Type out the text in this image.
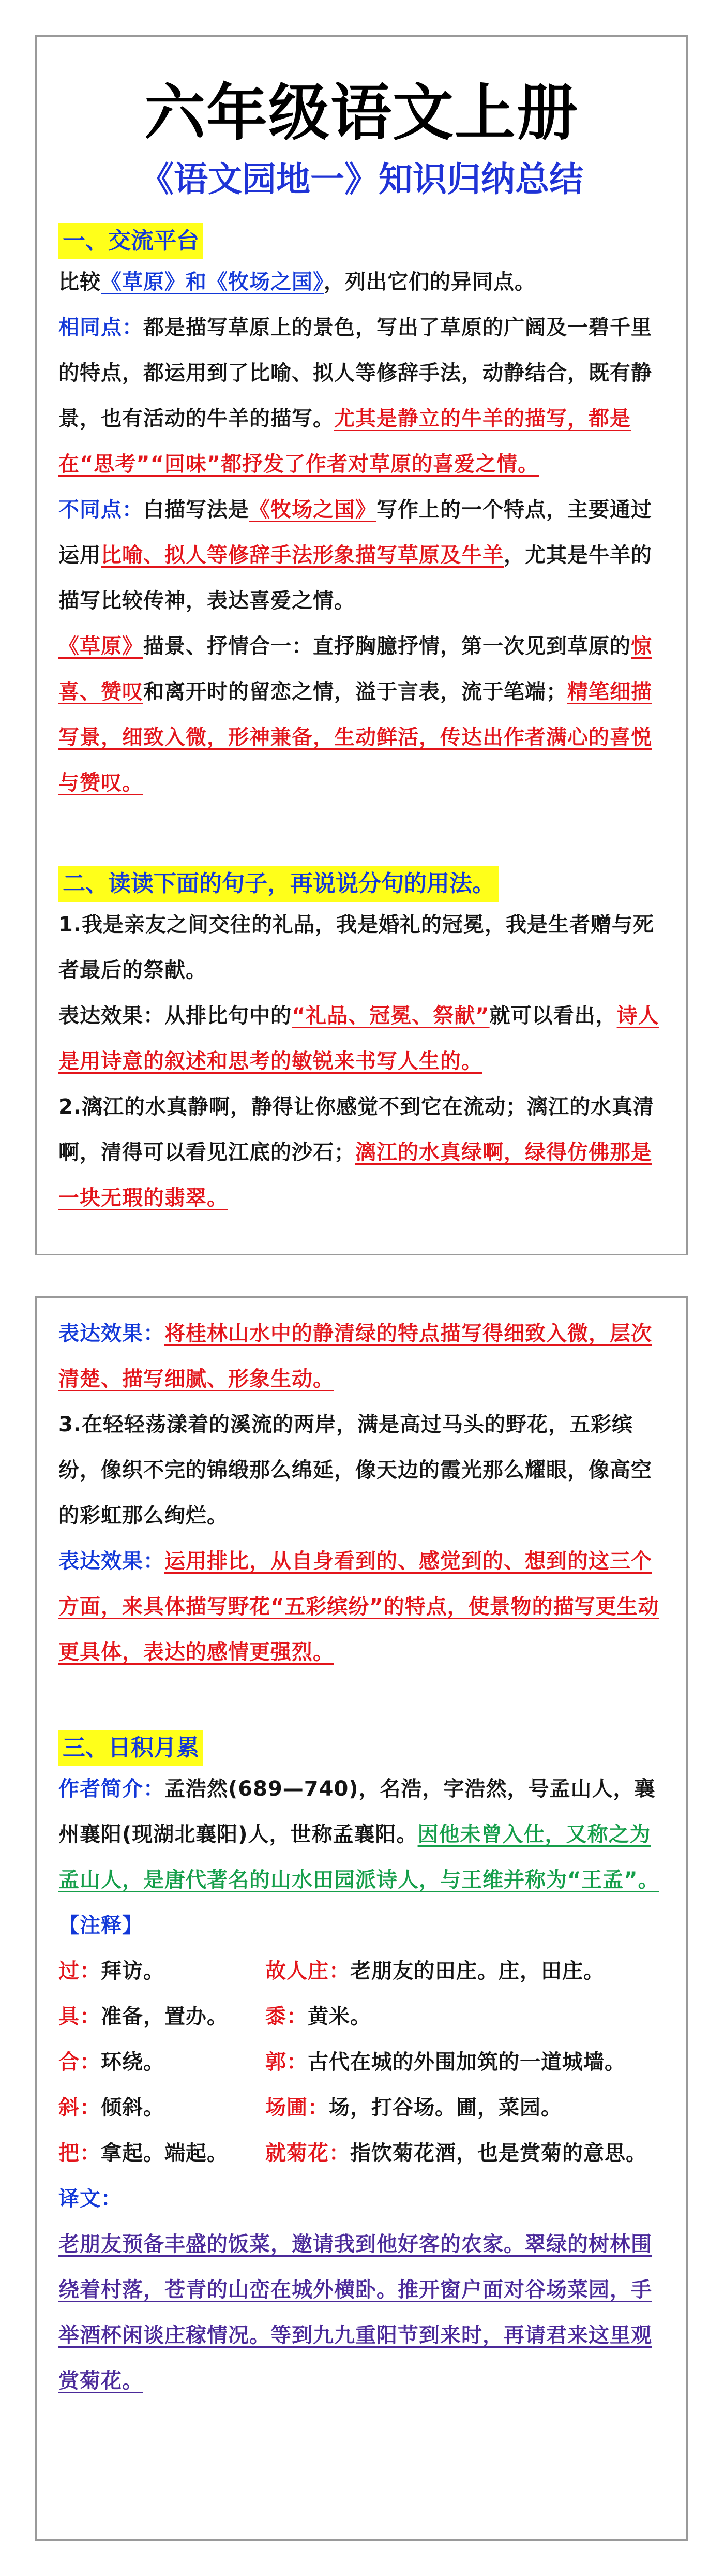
六年级语文上册
《语文园地一》知识归纳总结
一、交流平台
比较《草原》和《牧场之国》，列出它们的异同点。
相同点：都是描写草原上的景色，写出了草原的广阔及一碧千里的特点，都运用到了比喻、拟人等修辞手法，动静结合，既有静景，也有活动的牛羊的描写。尤其是静立的牛羊的描写，都是在“思考”“回味”都抒发了作者对草原的喜爱之情。
不同点：白描写法是《牧场之国》写作上的一个特点，主要通过运用比喻、拟人等修辞手法形象描写草原及牛羊，尤其是牛羊的描写比较传神，表达喜爱之情。
《草原》描景、抒情合一：直抒胸臆抒情，第一次见到草原的惊喜、赞叹和离开时的留恋之情，溢于言表，流于笔端；精笔细描写景，细致入微，形神兼备，生动鲜活，传达出作者满心的喜悦与赞叹。
二、读读下面的句子，再说说分句的用法。
1.我是亲友之间交往的礼品，我是婚礼的冠冕，我是生者赠与死者最后的祭献。
表达效果：从排比句中的“礼品、冠冕、祭献”就可以看出，诗人是用诗意的叙述和思考的敏锐来书写人生的。
2.漓江的水真静啊，静得让你感觉不到它在流动；漓江的水真清啊，清得可以看见江底的沙石；漓江的水真绿啊，绿得仿佛那是一块无瑕的翡翠。
表达效果：将桂林山水中的静清绿的特点描写得细致入微，层次清楚、描写细腻、形象生动。
3.在轻轻荡漾着的溪流的两岸，满是高过马头的野花，五彩缤纷，像织不完的锦缎那么绵延，像天边的霞光那么耀眼，像高空的彩虹那么绚烂。
表达效果：运用排比，从自身看到的、感觉到的、想到的这三个方面，来具体描写野花“五彩缤纷”的特点，使景物的描写更生动更具体，表达的感情更强烈。
三、日积月累
作者简介：孟浩然(689—740)，名浩，字浩然，号孟山人，襄州襄阳(现湖北襄阳)人，世称孟襄阳。因他未曾入仕，又称之为孟山人，是唐代著名的山水田园派诗人，与王维并称为“王孟”。
【注释】
过：拜访。	故人庄：老朋友的田庄。庄，田庄。
具：准备，置办。	黍：黄米。
合：环绕。	郭：古代在城的外围加筑的一道城墙。
斜：倾斜。	场圃：场，打谷场。圃，菜园。
把：拿起。端起。	就菊花：指饮菊花酒，也是赏菊的意思。
译文：
老朋友预备丰盛的饭菜，邀请我到他好客的农家。翠绿的树林围绕着村落，苍青的山峦在城外横卧。推开窗户面对谷场菜园，手举酒杯闲谈庄稼情况。等到九九重阳节到来时，再请君来这里观赏菊花。
